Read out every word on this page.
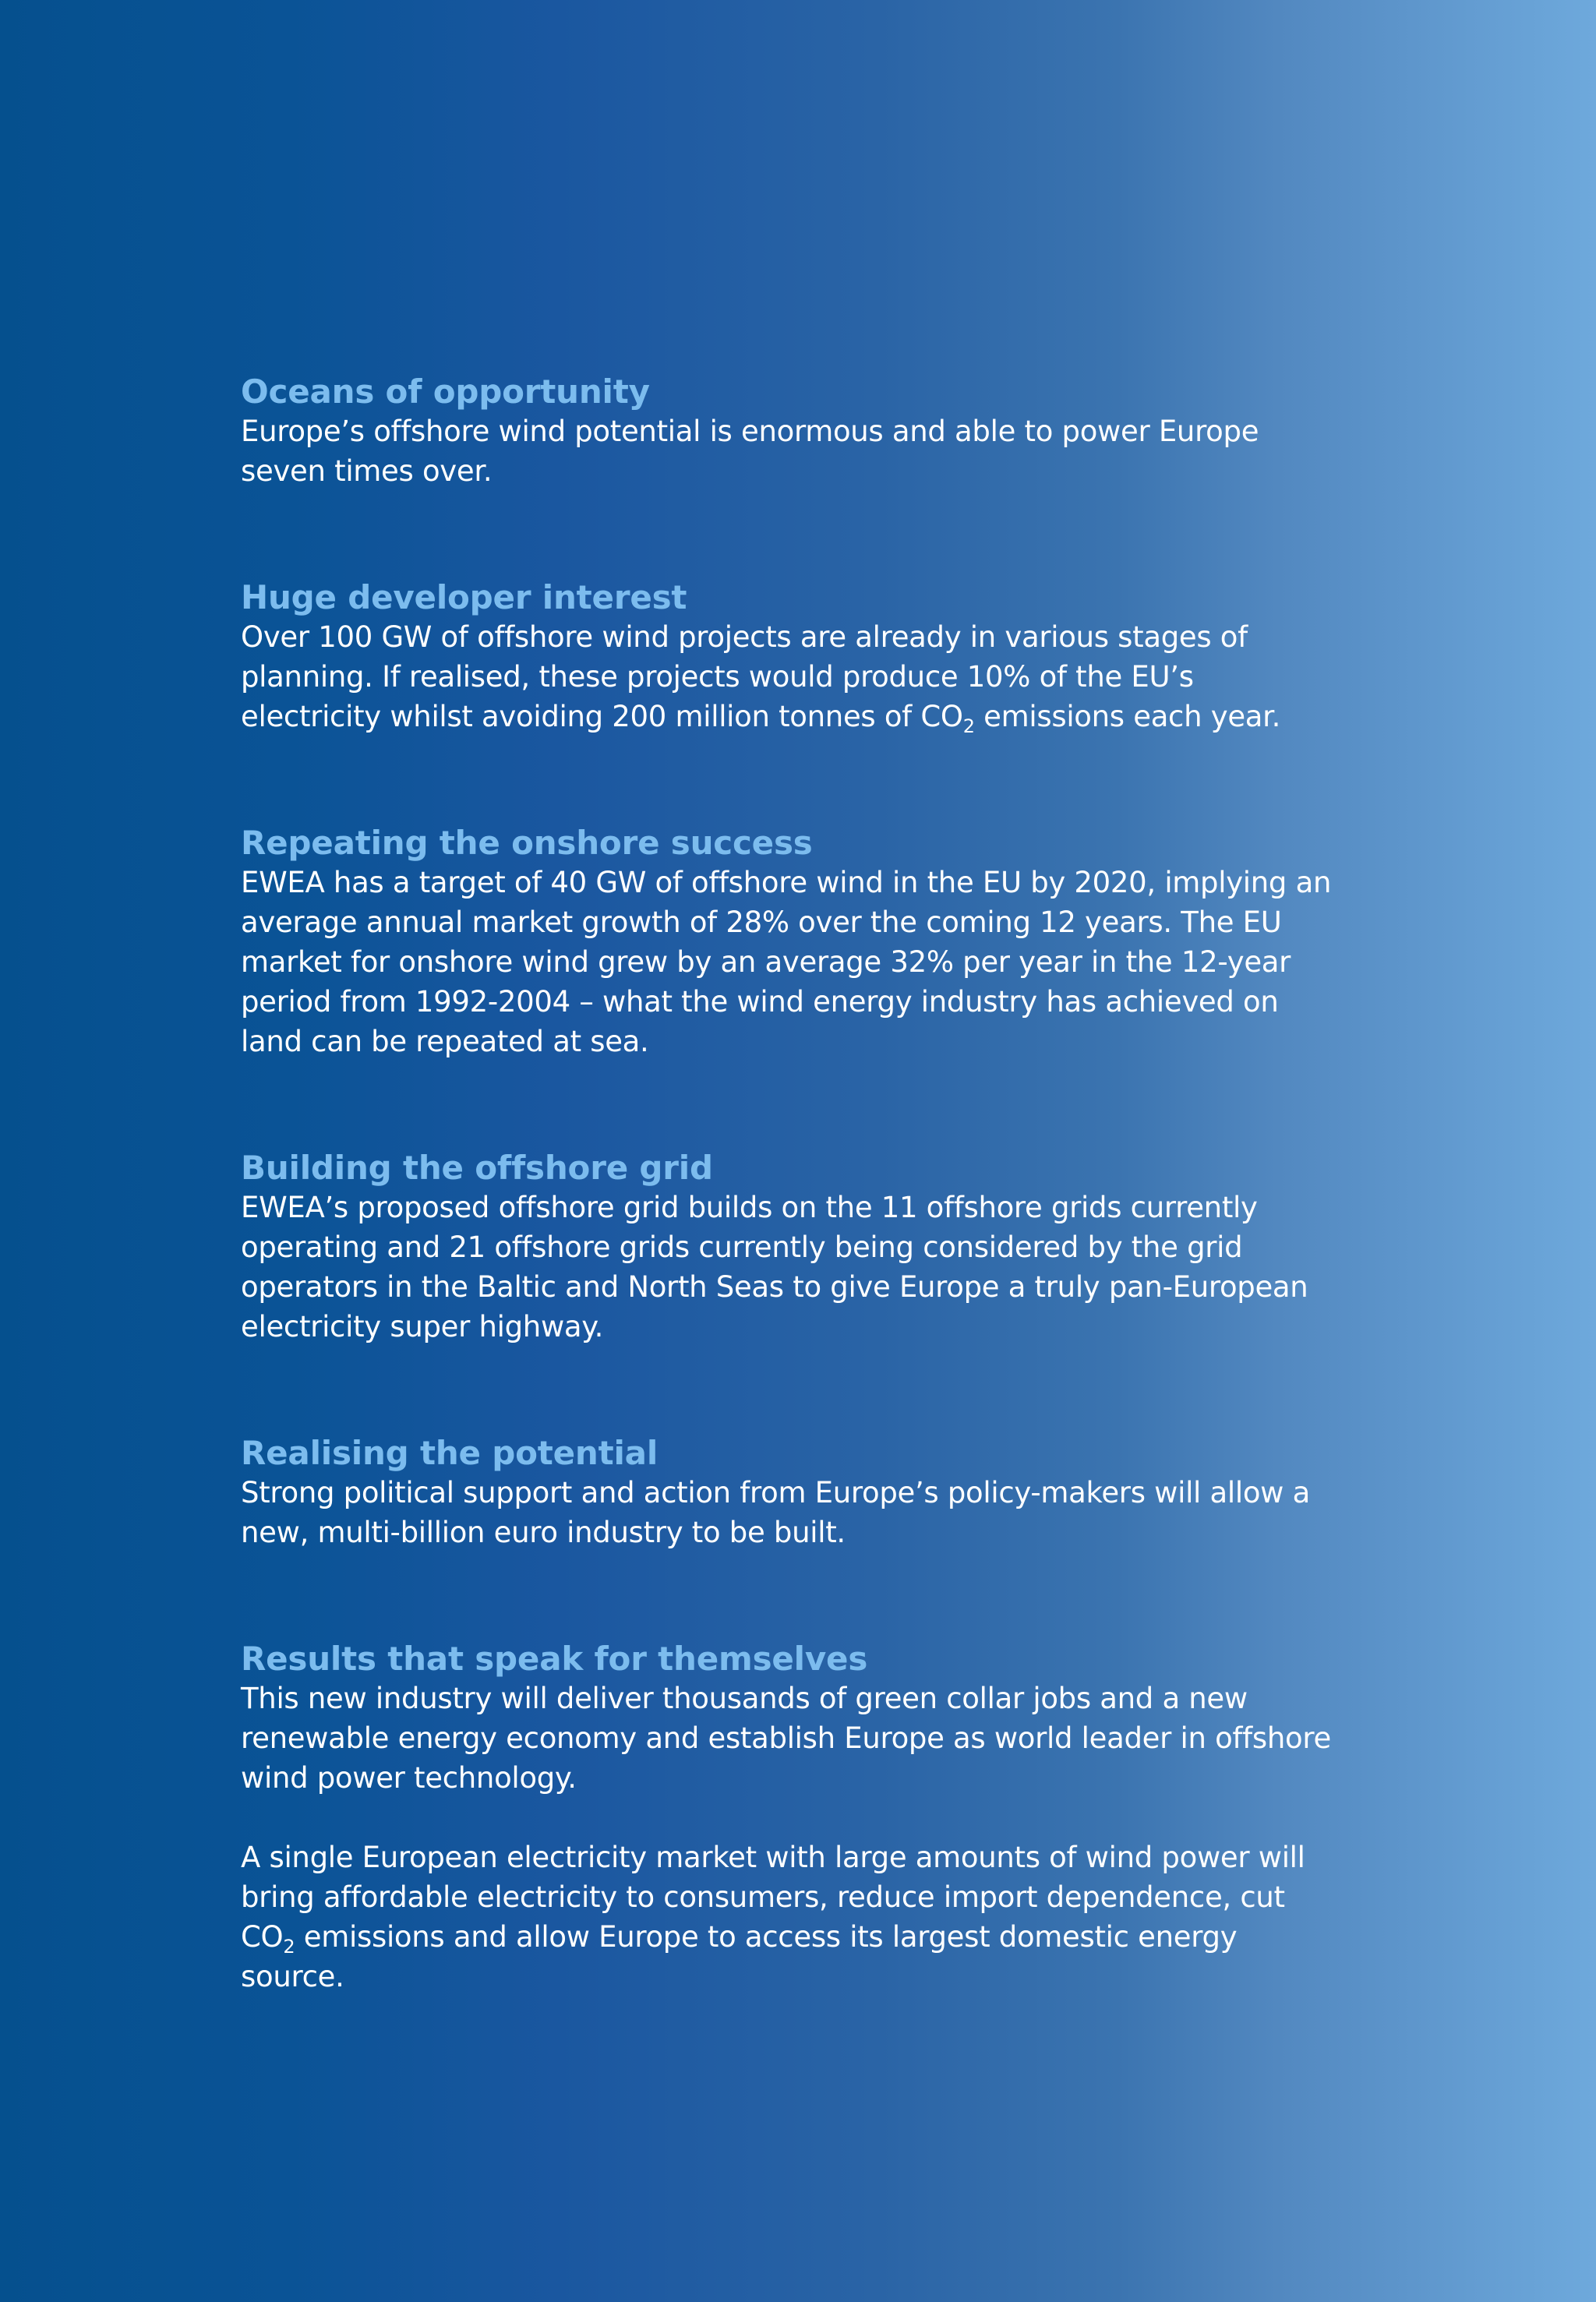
Oceans of opportunity

Europe’s offshore wind potential is enormous and able to power Europe seven times over.

Huge developer interest

Over 100 GW of offshore wind projects are already in various stages of planning. If realised, these projects would produce 10% of the EU’s electricity whilst avoiding 200 million tonnes of $CO_2$ emissions each year.

Repeating the onshore success

EWEA has a target of 40 GW of offshore wind in the EU by 2020, implying an average annual market growth of 28% over the coming 12 years. The EU market for onshore wind grew by an average 32% per year in the 12-year period from 1992-2004 – what the wind energy industry has achieved on land can be repeated at sea.

Building the offshore grid

EWEA’s proposed offshore grid builds on the 11 offshore grids currently operating and 21 offshore grids currently being considered by the grid operators in the Baltic and North Seas to give Europe a truly pan-European electricity super highway.

Realising the potential

Strong political support and action from Europe’s policy-makers will allow a new, multi-billion euro industry to be built.

Results that speak for themselves

This new industry will deliver thousands of green collar jobs and a new renewable energy economy and establish Europe as world leader in offshore wind power technology.

A single European electricity market with large amounts of wind power will bring affordable electricity to consumers, reduce import dependence, cut $CO_2$ emissions and allow Europe to access its largest domestic energy source.
